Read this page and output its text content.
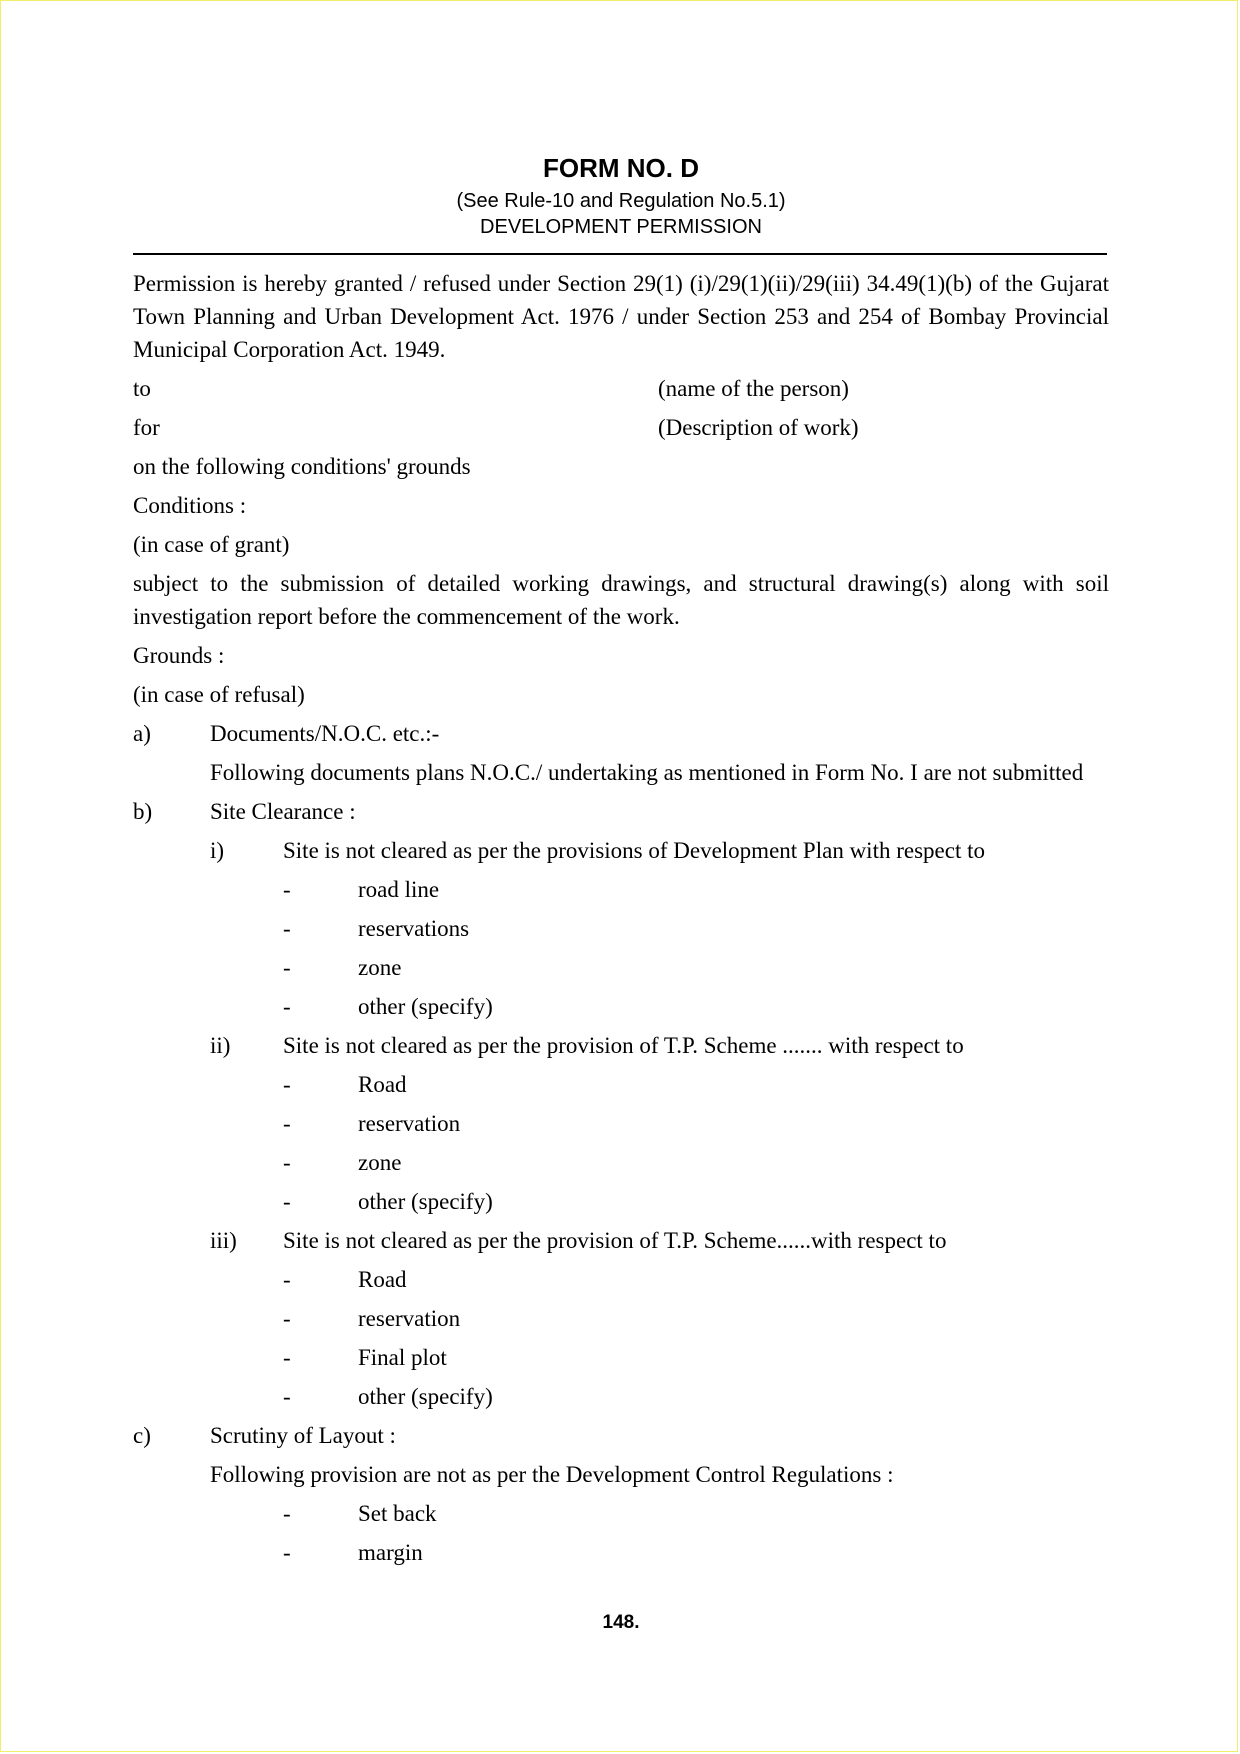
FORM NO. D
(See Rule-10 and Regulation No.5.1)
DEVELOPMENT PERMISSION

Permission is hereby granted / refused under Section 29(1) (i)/29(1)(ii)/29(iii) 34.49(1)(b) of the Gujarat Town Planning and Urban Development Act. 1976 / under Section 253 and 254 of Bombay Provincial Municipal Corporation Act. 1949.

to	(name of the person)
for	(Description of work)
on the following conditions' grounds
Conditions :
(in case of grant)

subject to the submission of detailed working drawings, and structural drawing(s) along with soil investigation report before the commencement of the work.

Grounds :
(in case of refusal)
a)	Documents/N.O.C. etc.:-

Following documents plans N.O.C./ undertaking as mentioned in Form No. I are not submitted

b)	Site Clearance :
i)	Site is not cleared as per the provisions of Development Plan with respect to
-	road line
-	reservations
-	zone
-	other (specify)
ii) Site is not cleared as per the provision of T.P. Scheme ....... with respect to
-	Road
-	reservation
-	zone
-	other (specify)
iii) Site is not cleared as per the provision of T.P. Scheme......with respect to
-	Road
-	reservation
-	Final plot
-	other (specify)
c)	Scrutiny of Layout :
Following provision are not as per the Development Control Regulations :
-	Set back
-	margin
148.
